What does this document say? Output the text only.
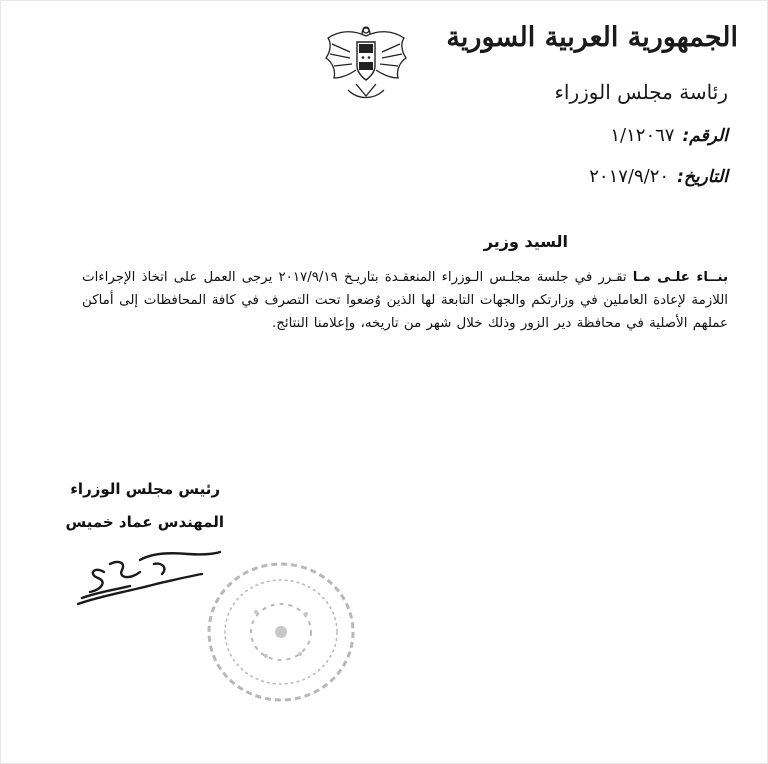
الجمهورية العربية السورية
رئاسة مجلس الوزراء
الرقم:
١/١٢٠٦٧
التاريخ:
٢٠١٧/٩/٢٠
السيد وزير

بنــاء علـى مـا تقـرر في جلسة مجلـس الـوزراء المنعقـدة بتاريـخ ٢٠١٧/٩/١٩ يرجى العمل على اتخاذ الإجراءات اللازمة لإعادة العاملين في وزارتكم والجهات التابعة لها الذين وُضعوا تحت التصرف في كافة المحافظات إلى أماكن عملهم الأصلية في محافظة دير الزور وذلك خلال شهر من تاريخه، وإعلامنا النتائج.

رئيس مجلس الوزراء
المهندس عماد خميس
